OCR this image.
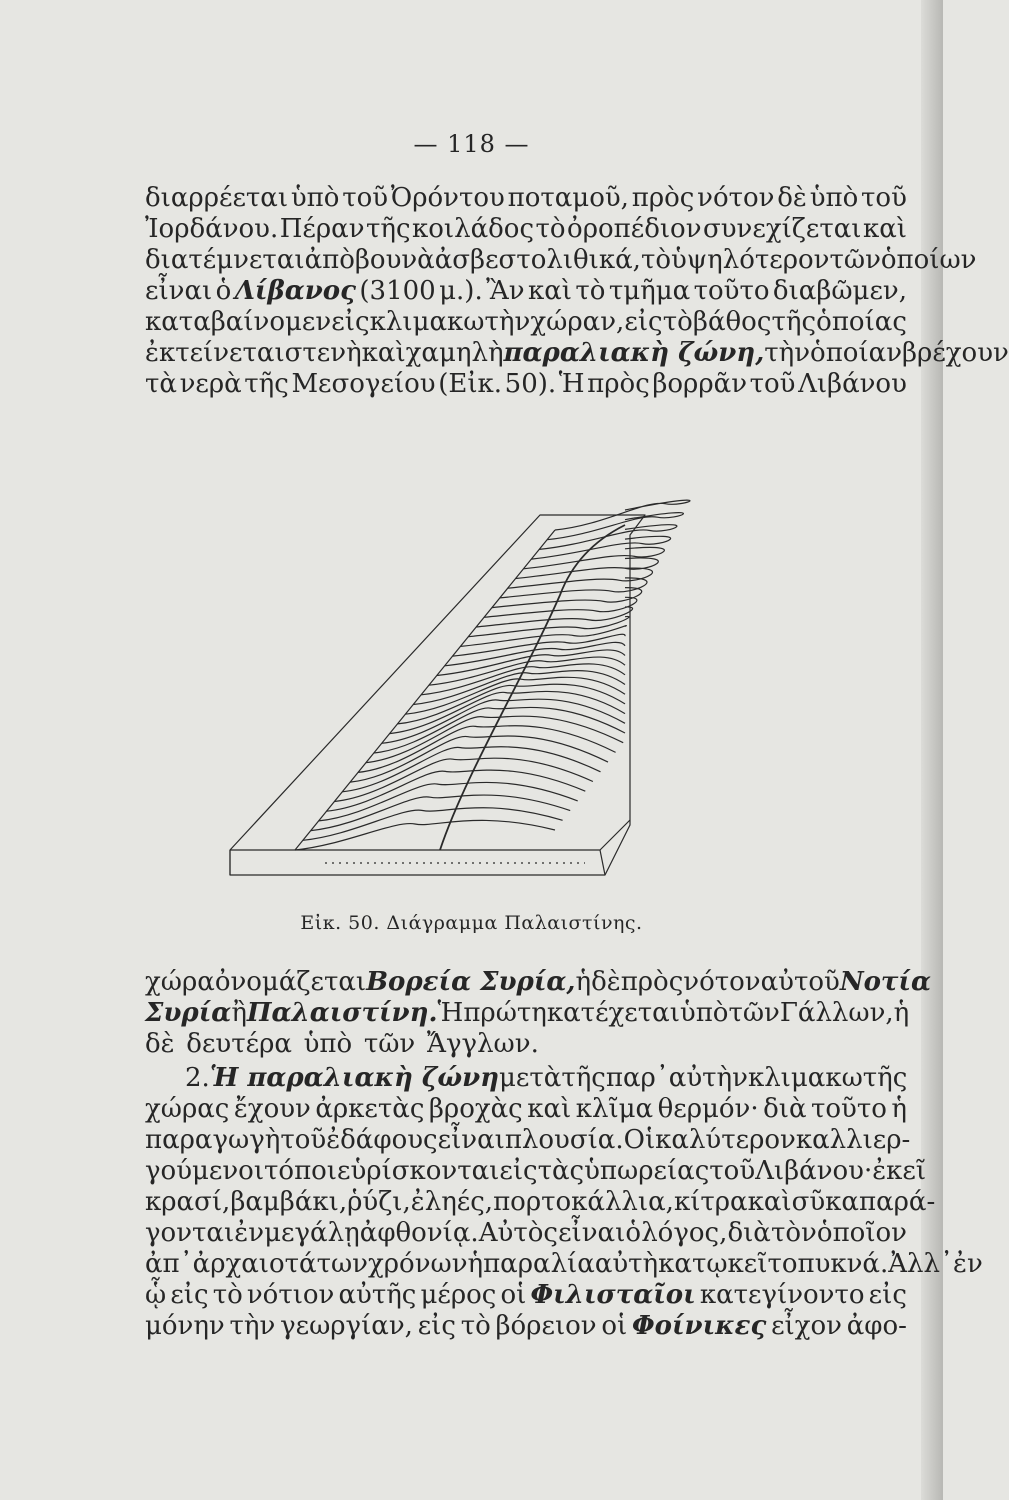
— 118 —
διαρρέεται ὑπὸ τοῦ Ὀρόντου ποταμοῦ, πρὸς νότον δὲ ὑπὸ τοῦ
Ἰορδάνου. Πέραν τῆς κοιλάδος τὸ ὀροπέδιον συνεχίζεται καὶ
διατέμνεται ἀπὸ βουνὰ ἀσβεστολιθικά, τὸ ὑψηλότερον τῶν ὁποίων
εἶναι ὁ Λίβανος (3100 μ.). Ἂν καὶ τὸ τμῆμα τοῦτο διαβῶμεν,
καταβαίνομεν εἰς κλιμακωτὴν χώραν, εἰς τὸ βάθος τῆς ὁποίας
ἐκτείνεται στενὴ καὶ χαμηλὴ παραλιακὴ ζώνη, τὴν ὁποίαν βρέχουν
τὰ νερὰ τῆς Μεσογείου (Εἰκ. 50). Ἡ πρὸς βορρᾶν τοῦ Λιβάνου
Εἰκ. 50. Διάγραμμα Παλαιστίνης.
χώρα ὀνομάζεται Βορεία Συρία, ἡ δὲ πρὸς νότον αὐτοῦ Νοτία
Συρία ἢ Παλαιστίνη. Ἡ πρώτη κατέχεται ὑπὸ τῶν Γάλλων, ἡ
δὲ δευτέρα ὑπὸ τῶν Ἄγγλων.
2. Ἡ παραλιακὴ ζώνη μετὰ τῆς παρ᾽ αὐτὴν κλιμακωτῆς
χώρας ἔχουν ἀρκετὰς βροχὰς καὶ κλῖμα θερμόν· διὰ τοῦτο ἡ
παραγωγὴ τοῦ ἐδάφους εἶναι πλουσία. Οἱ καλύτερον καλλιερ-
γούμενοι τόποι εὑρίσκονται εἰς τὰς ὑπωρείας τοῦ Λιβάνου· ἐκεῖ
κρασί, βαμβάκι, ῥύζι, ἐληές, πορτοκάλλια, κίτρα καὶ σῦκα παρά-
γονται ἐν μεγάλῃ ἀφθονίᾳ. Αὐτὸς εἶναι ὁ λόγος, διὰ τὸν ὁποῖον
ἀπ᾽ ἀρχαιοτάτων χρόνων ἡ παραλία αὐτὴ κατῳκεῖτο πυκνά. Ἀλλ᾽ ἐν
ᾧ εἰς τὸ νότιον αὐτῆς μέρος οἱ Φιλισταῖοι κατεγίνοντο εἰς
μόνην τὴν γεωργίαν, εἰς τὸ βόρειον οἱ Φοίνικες εἶχον ἀφο-
